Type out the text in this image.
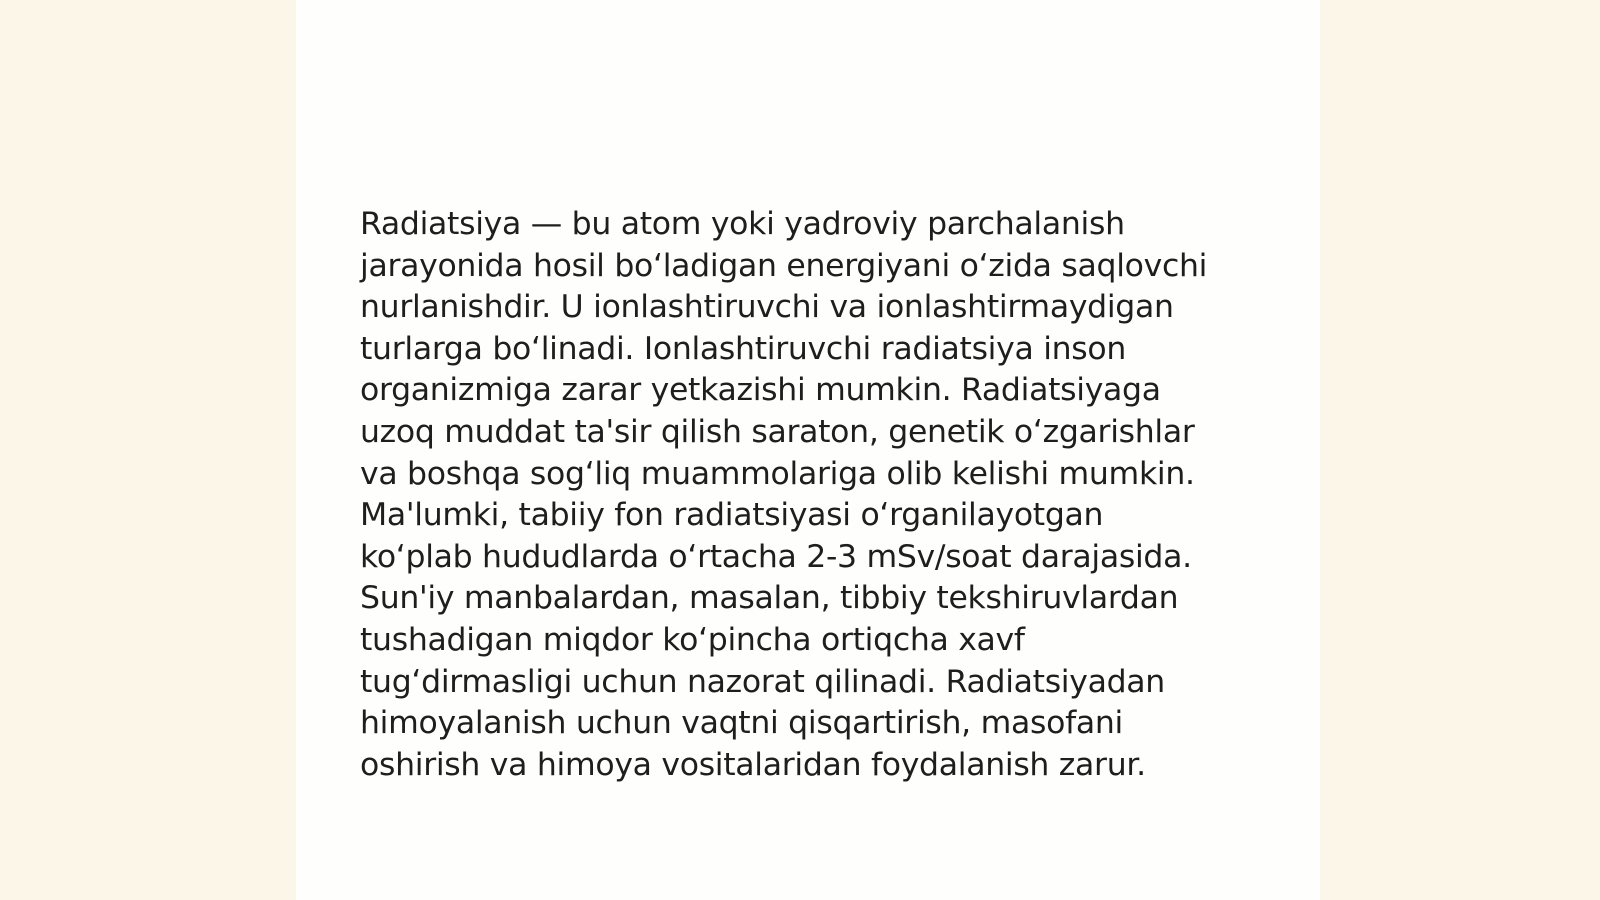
Radiatsiya — bu atom yoki yadroviy parchalanish
jarayonida hosil boʻladigan energiyani oʻzida saqlovchi
nurlanishdir. U ionlashtiruvchi va ionlashtirmaydigan
turlarga boʻlinadi. Ionlashtiruvchi radiatsiya inson
organizmiga zarar yetkazishi mumkin. Radiatsiyaga
uzoq muddat ta'sir qilish saraton, genetik oʻzgarishlar
va boshqa sogʻliq muammolariga olib kelishi mumkin.
Ma'lumki, tabiiy fon radiatsiyasi oʻrganilayotgan
koʻplab hududlarda oʻrtacha 2-3 mSv/soat darajasida.
Sun'iy manbalardan, masalan, tibbiy tekshiruvlardan
tushadigan miqdor koʻpincha ortiqcha xavf
tugʻdirmasligi uchun nazorat qilinadi. Radiatsiyadan
himoyalanish uchun vaqtni qisqartirish, masofani
oshirish va himoya vositalaridan foydalanish zarur.
